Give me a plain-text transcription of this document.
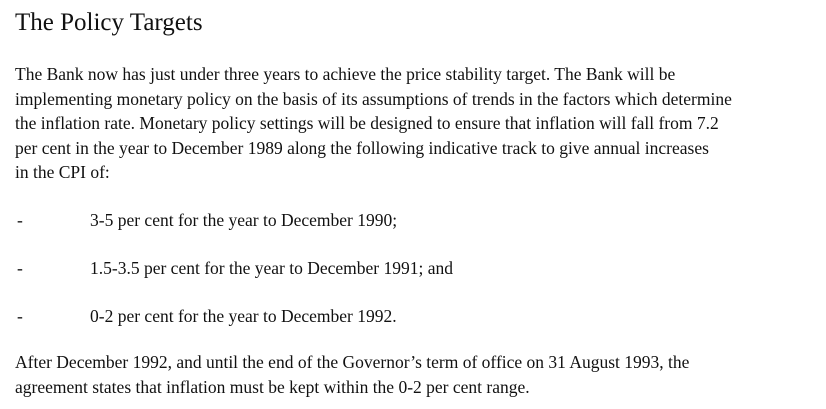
The Policy Targets
The Bank now has just under three years to achieve the price stability target. The Bank will be
implementing monetary policy on the basis of its assumptions of trends in the factors which determine
the inflation rate. Monetary policy settings will be designed to ensure that inflation will fall from 7.2
per cent in the year to December 1989 along the following indicative track to give annual increases
in the CPI of:
-	3-5 per cent for the year to December 1990;
-	1.5-3.5 per cent for the year to December 1991; and
-	0-2 per cent for the year to December 1992.
After December 1992, and until the end of the Governor’s term of office on 31 August 1993, the
agreement states that inflation must be kept within the 0-2 per cent range.
